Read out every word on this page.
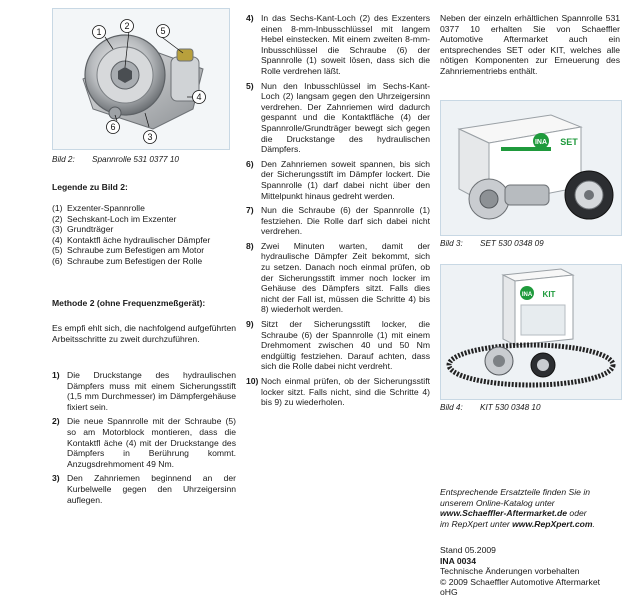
1
2
3
4
5
6
Bild 2: Spannrolle 531 0377 10
Legende zu Bild 2:
(1) Exzenter-Spannrolle
(2) Sechskant-Loch im Exzenter
(3) Grundträger
(4) Kontaktfl äche hydraulischer Dämpfer
(5) Schraube zum Befestigen am Motor
(6) Schraube zum Befestigen der Rolle
Methode 2 (ohne Frequenzmeßgerät):
Es empfi ehlt sich, die nachfolgend aufgeführten Arbeitsschritte zu zweit durchzuführen.
1) Die Druckstange des hydraulischen Dämpfers muss mit einem Sicherungsstift (1,5 mm Durchmesser) im Dämpfergehäuse fixiert sein.
2) Die neue Spannrolle mit der Schraube (5) so am Motorblock montieren, dass die Kontaktfl äche (4) mit der Druckstange des Dämpfers in Berührung kommt. Anzugsdrehmoment 49 Nm.
3) Den Zahnriemen beginnend an der Kurbelwelle gegen den Uhrzeigersinn auflegen.
4) In das Sechs-Kant-Loch (2) des Exzenters einen 8-mm-Inbusschlüssel mit langem Hebel einstecken. Mit einem zweiten 8-mm-Inbusschlüssel die Schraube (6) der Spannrolle (1) soweit lösen, dass sich die Rolle verdrehen läßt.
5) Nun den Inbusschlüssel im Sechs-Kant-Loch (2) langsam gegen den Uhrzeigersinn verdrehen. Der Zahnriemen wird dadurch gespannt und die Kontaktfläche (4) der Spannrolle/Grundträger bewegt sich gegen die Druckstange des hydraulischen Dämpfers.
6) Den Zahnriemen soweit spannen, bis sich der Sicherungsstift im Dämpfer lockert. Die Spannrolle (1) darf dabei nicht über den Mittelpunkt hinaus gedreht werden.
7) Nun die Schraube (6) der Spannrolle (1) festziehen. Die Rolle darf sich dabei nicht verdrehen.
8) Zwei Minuten warten, damit der hydraulische Dämpfer Zeit bekommt, sich zu setzen. Danach noch einmal prüfen, ob der Sicherungsstift immer noch locker im Gehäuse des Dämpfers sitzt. Falls dies nicht der Fall ist, müssen die Schritte 4) bis 8) wiederholt werden.
9) Sitzt der Sicherungsstift locker, die Schraube (6) der Spannrolle (1) mit einem Drehmoment zwischen 40 und 50 Nm endgültig festziehen. Darauf achten, dass sich die Rolle dabei nicht verdreht.
10) Noch einmal prüfen, ob der Sicherungsstift locker sitzt. Falls nicht, sind die Schritte 4) bis 9) zu wiederholen.
Neben der einzeln erhältlichen Spannrolle 531 0377 10 erhalten Sie von Schaeffler Automotive Aftermarket auch ein entsprechendes SET oder KIT, welches alle nötigen Komponenten zur Erneuerung des Zahnriementriebs enthält.
INA SET
Bild 3: SET 530 0348 09
INA KIT
Bild 4: KIT 530 0348 10
Entsprechende Ersatzteile finden Sie in
unserem Online-Katalog unter
www.Schaeffler-Aftermarket.de oder
im RepXpert unter www.RepXpert.com.
Stand 05.2009
INA 0034
Technische Änderungen vorbehalten
© 2009 Schaeffler Automotive Aftermarket oHG
